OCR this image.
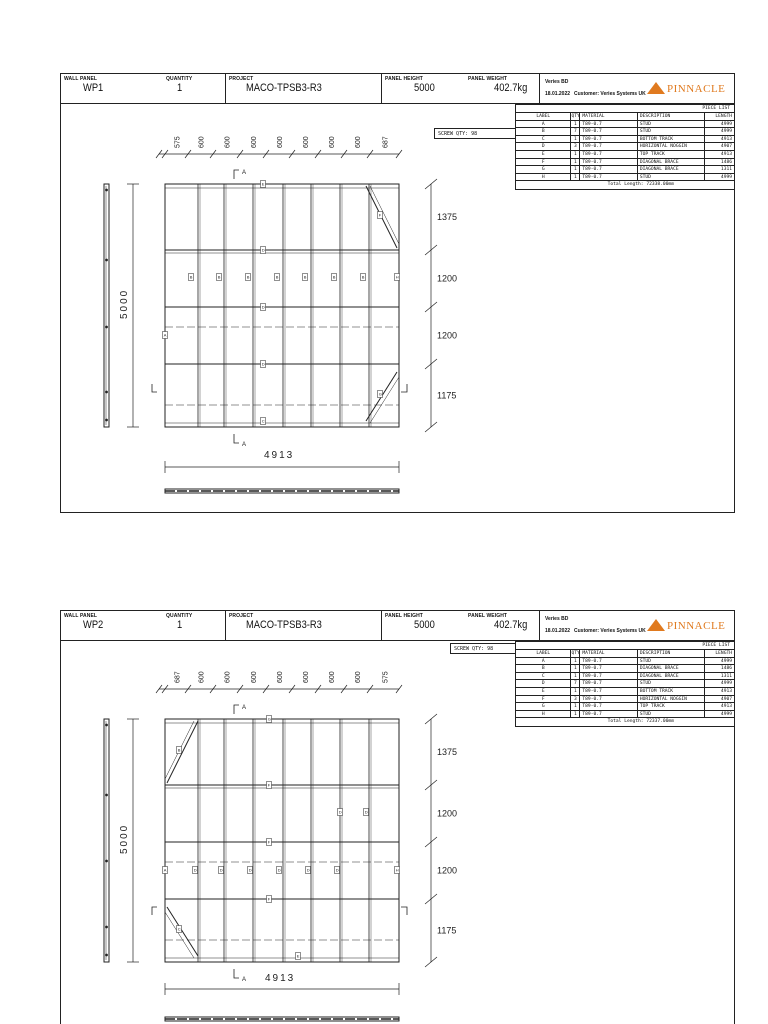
WALL PANEL
WP1
QUANTITY
1
PROJECT
MACO-TPSB3-R3
PANEL HEIGHT
5000
PANEL WEIGHT
402.7kg	Veries BD
18.01.2022 Customer: Veries Systems UK PINNACLE
SCREW QTY: 98
PIECE LIST
LABEL	QTY MATERIAL	DESCRIPTION	LENGTH
A	1	T89-0.7	STUD	4999
B	7	T89-0.7	STUD	4999
C	1	T89-0.7	BOTTOM TRACK	4913
D	3	T89-0.7	HORIZONTAL NOGGIN	4907
E	1	T89-0.7	TOP TRACK	4913
F	1	T89-0.7	DIAGONAL BRACE	1486
G	1	T89-0.7	DIAGONAL BRACE	1311
H	1	T89-0.7	STUD	4999
Total Length: 72338.00mm
5000
575 600	600	600	600	600	600	600	687
E
D
B	B	B	B	B	B	B	H
D
A
D
C
F
G
A
A
1375
1200
1200
1175
4913
WALL PANEL
WP2
QUANTITY
1
PROJECT
MACO-TPSB3-R3
PANEL HEIGHT
5000
PANEL WEIGHT
402.7kg	Veries BD
18.01.2022 Customer: Veries Systems UK PINNACLE
SCREW QTY: 98
PIECE LIST
LABEL	QTY MATERIAL	DESCRIPTION	LENGTH
A	1	T89-0.7	STUD	4999
B	1	T89-0.7	DIAGONAL BRACE	1486
C	1	T89-0.7	DIAGONAL BRACE	1311
D	7	T89-0.7	STUD	4999
E	1	T89-0.7	BOTTOM TRACK	4913
F	3	T89-0.7	HORIZONTAL NOGGIN	4907
G	1	T89-0.7	TOP TRACK	4913
H	1	T89-0.7	STUD	4999
Total Length: 72337.00mm
5000
687 600	600	600	600	600	600	600	575
G
F
F
A	D	D	D	D	D	D	H
D	D
F
E
B
C
A
A 4913
1375
1200
1200
1175
